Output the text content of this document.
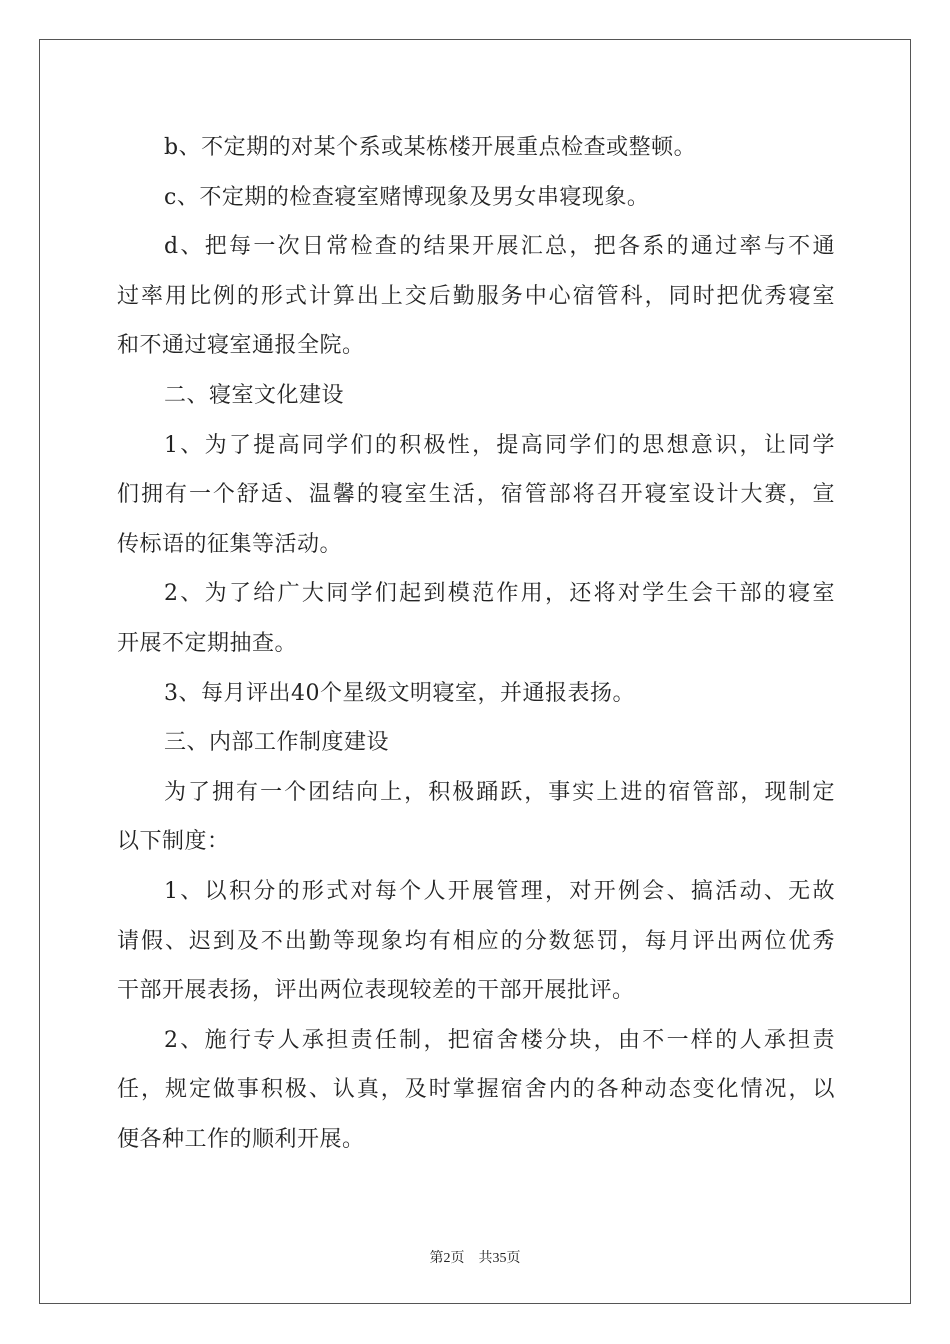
b、不定期的对某个系或某栋楼开展重点检查或整顿。
c、不定期的检查寝室赌博现象及男女串寝现象。
d、把每一次日常检查的结果开展汇总，把各系的通过率与不通
过率用比例的形式计算出上交后勤服务中心宿管科，同时把优秀寝室
和不通过寝室通报全院。
二、寝室文化建设
1、为了提高同学们的积极性，提高同学们的思想意识，让同学
们拥有一个舒适、温馨的寝室生活，宿管部将召开寝室设计大赛，宣
传标语的征集等活动。
2、为了给广大同学们起到模范作用，还将对学生会干部的寝室
开展不定期抽查。
3、每月评出40个星级文明寝室，并通报表扬。
三、内部工作制度建设
为了拥有一个团结向上，积极踊跃，事实上进的宿管部，现制定
以下制度：
1、以积分的形式对每个人开展管理，对开例会、搞活动、无故
请假、迟到及不出勤等现象均有相应的分数惩罚，每月评出两位优秀
干部开展表扬，评出两位表现较差的干部开展批评。
2、施行专人承担责任制，把宿舍楼分块，由不一样的人承担责
任，规定做事积极、认真，及时掌握宿舍内的各种动态变化情况，以
便各种工作的顺利开展。
第2页 共35页
